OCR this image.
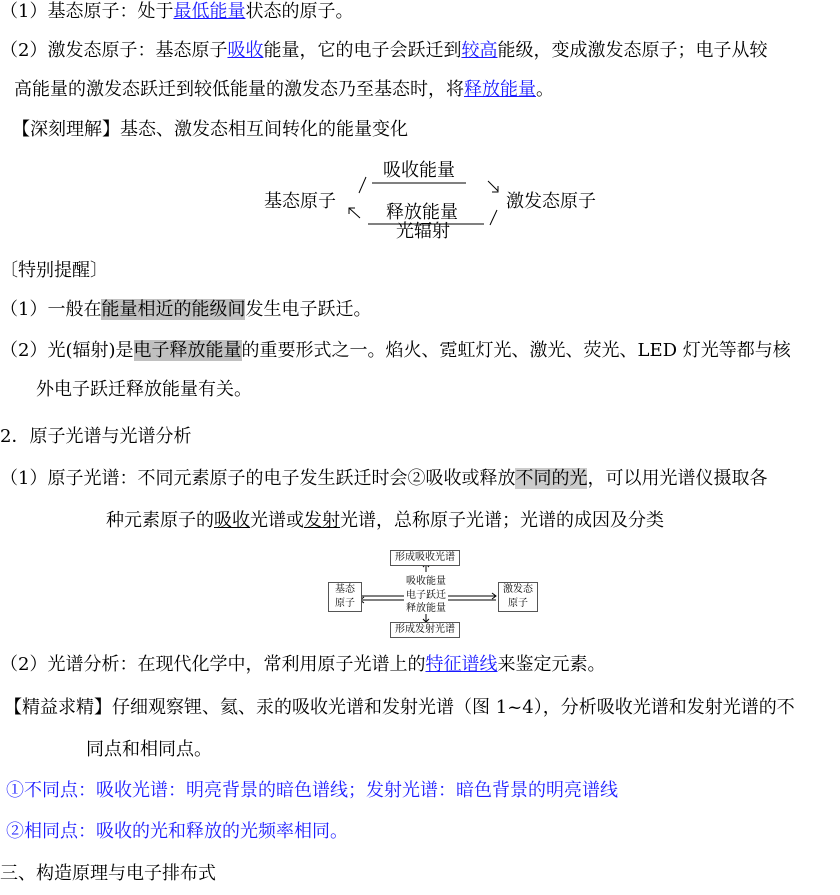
（1）基态原子：处于最低能量状态的原子。
（2）激发态原子：基态原子吸收能量，它的电子会跃迁到较高能级，变成激发态原子；电子从较
高能量的激发态跃迁到较低能量的激发态乃至基态时，将释放能量。
【深刻理解】基态、激发态相互间转化的能量变化
基态原子	激发态原子
吸收能量
释放能量
光辐射
〔特别提醒〕
（1）一般在能量相近的能级间发生电子跃迁。
（2）光(辐射)是电子释放能量的重要形式之一。焰火、霓虹灯光、激光、荧光、LED 灯光等都与核
外电子跃迁释放能量有关。
2．原子光谱与光谱分析
（1）原子光谱：不同元素原子的电子发生跃迁时会②吸收或释放不同的光，可以用光谱仪摄取各
种元素原子的吸收光谱或发射光谱，总称原子光谱；光谱的成因及分类
形成吸收光谱
形成发射光谱
基态
原子
激发态
原子
吸收能量
电子跃迁
释放能量
（2）光谱分析：在现代化学中，常利用原子光谱上的特征谱线来鉴定元素。
【精益求精】仔细观察锂、氦、汞的吸收光谱和发射光谱（图 1~4），分析吸收光谱和发射光谱的不
同点和相同点。
①不同点：吸收光谱：明亮背景的暗色谱线；发射光谱：暗色背景的明亮谱线
②相同点：吸收的光和释放的光频率相同。
三、构造原理与电子排布式
